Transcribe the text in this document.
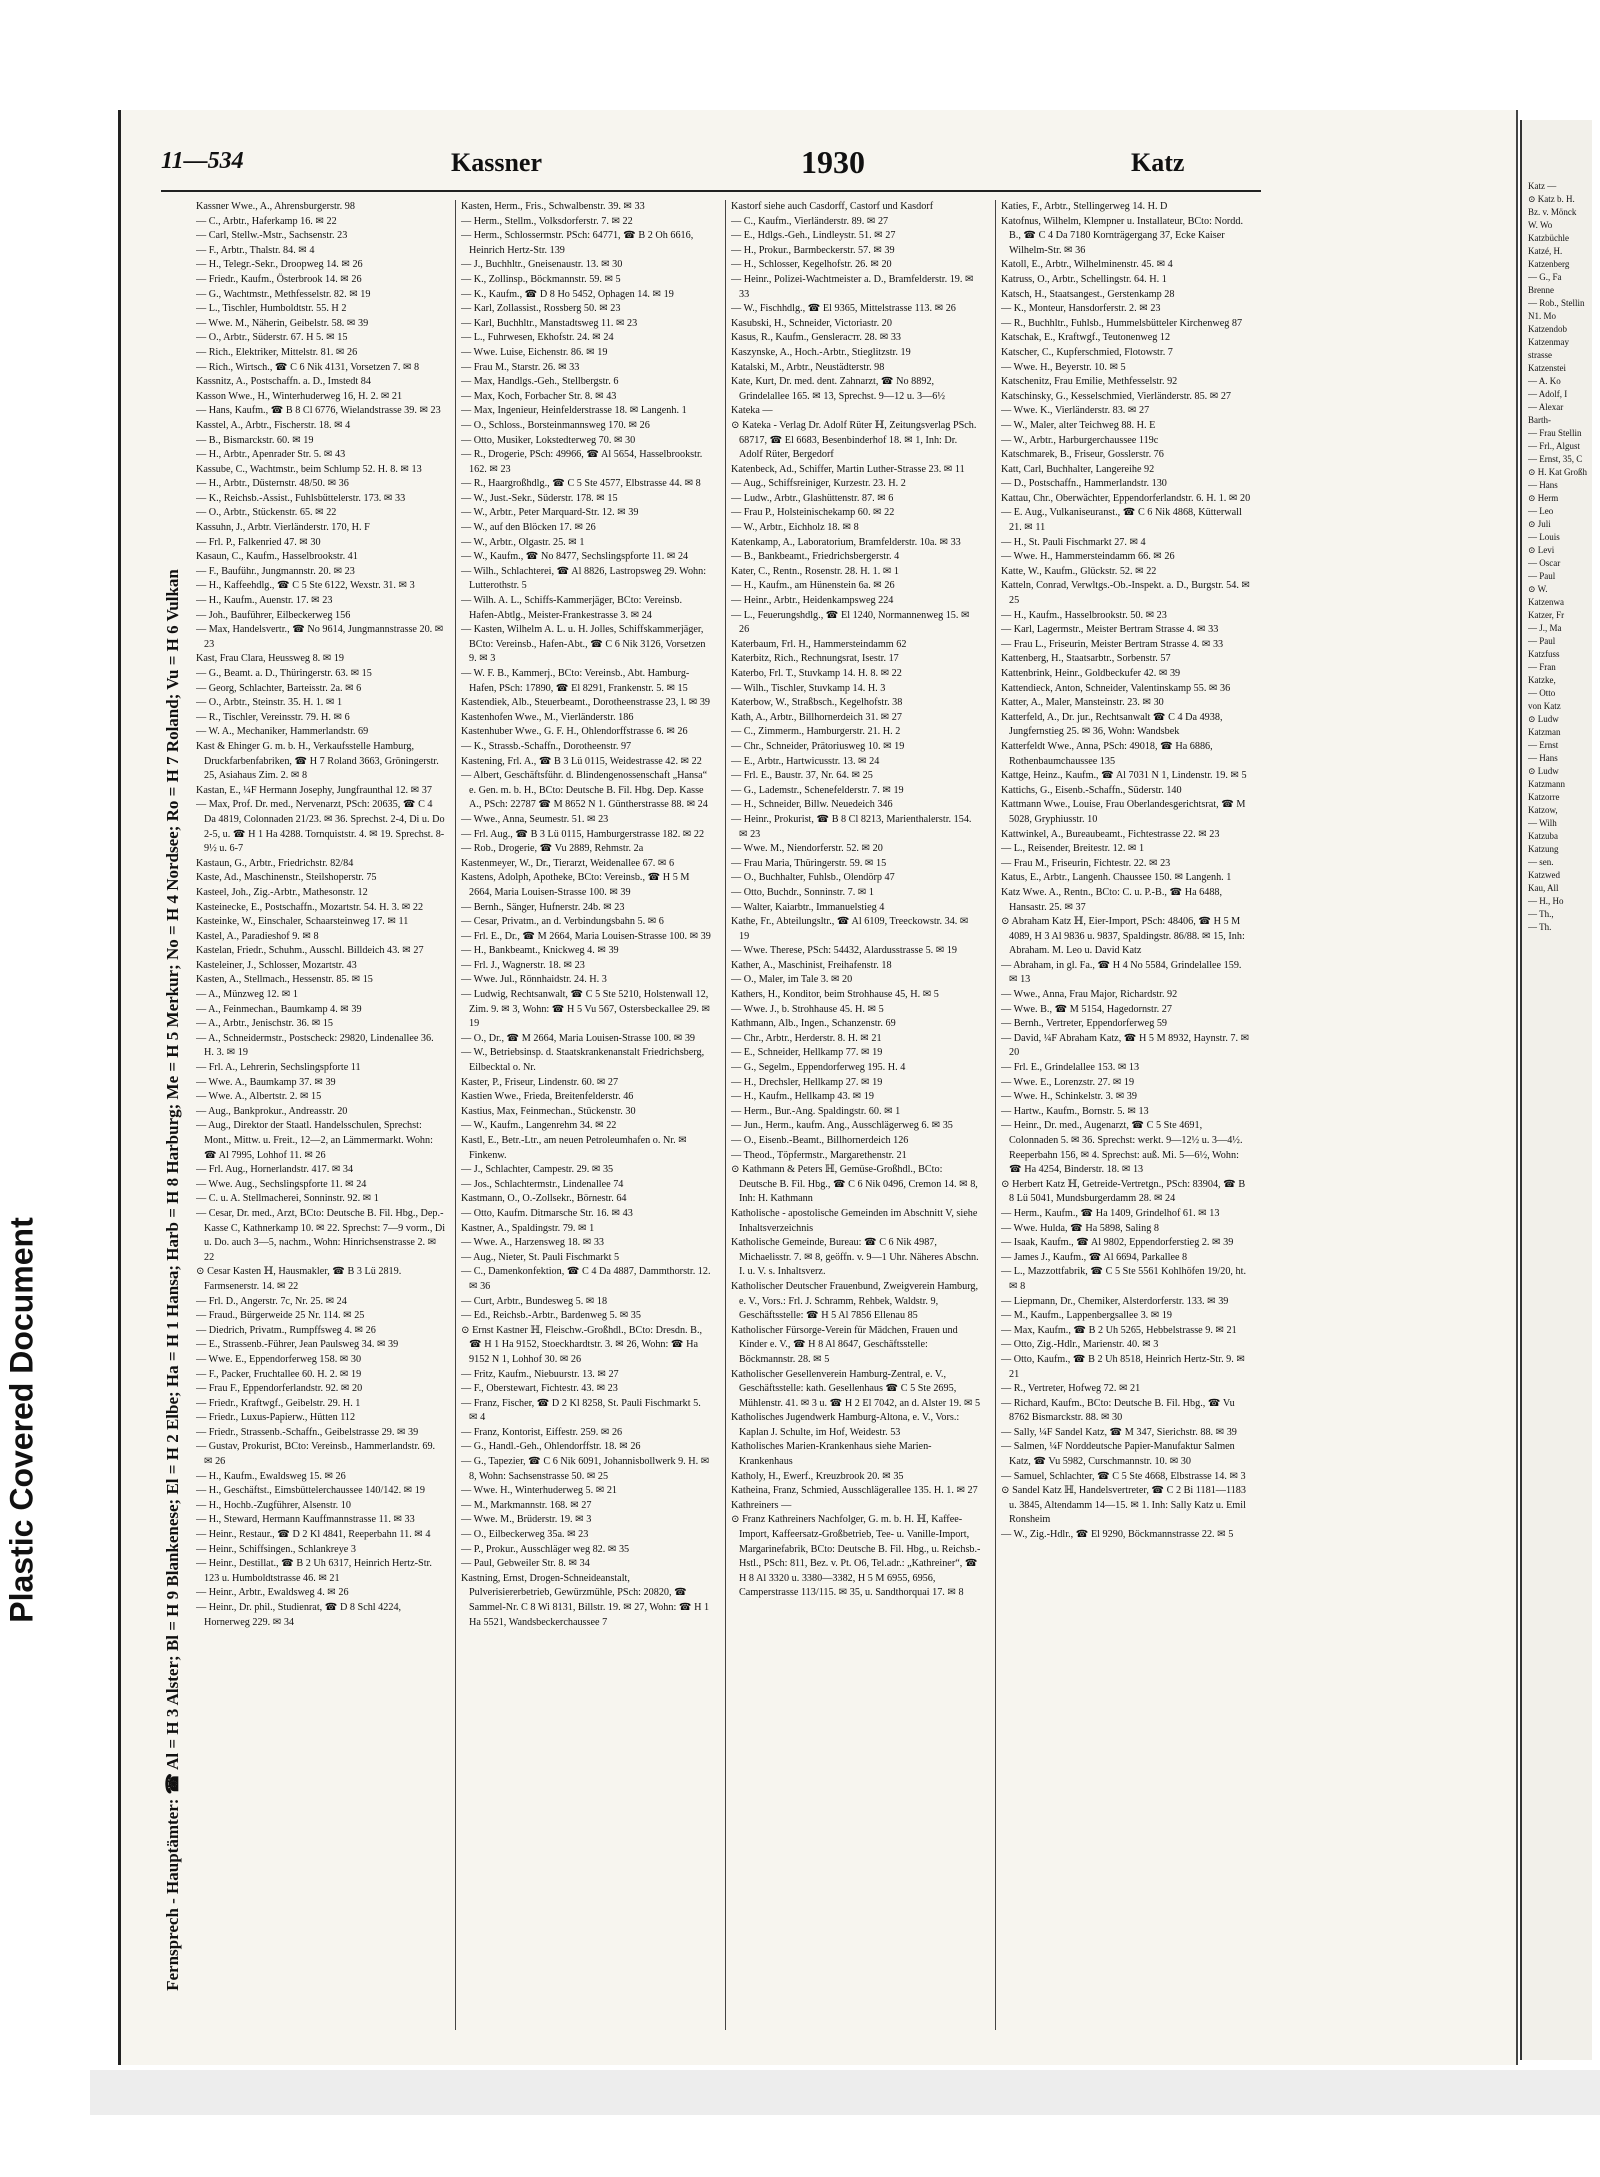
Plastic Covered Document
11—534	Kassner	1930	Katz
Fernsprech - Hauptämter: ☎ Al = H 3 Alster; Bl = H 9 Blankenese; El = H 2 Elbe; Ha = H 1 Hansa; Harb = H 8 Harburg; Me = H 5 Merkur; No = H 4 Nordsee; Ro = H 7 Roland; Vu = H 6 Vulkan
Kassner Wwe., A., Ahrensburgerstr. 98
— C., Arbtr., Haferkamp 16. ✉ 22
— Carl, Stellw.-Mstr., Sachsenstr. 23
— F., Arbtr., Thalstr. 84. ✉ 4
— H., Telegr.-Sekr., Droopweg 14. ✉ 26
— Friedr., Kaufm., Österbrook 14. ✉ 26
— G., Wachtmstr., Methfesselstr. 82. ✉ 19
— L., Tischler, Humboldtstr. 55. H 2
— Wwe. M., Näherin, Geibelstr. 58. ✉ 39
— O., Arbtr., Süderstr. 67. H 5. ✉ 15
— Rich., Elektriker, Mittelstr. 81. ✉ 26
— Rich., Wirtsch., ☎ C 6 Nik 4131, Vorsetzen 7. ✉ 8
Kassnitz, A., Postschaffn. a. D., Imstedt 84
Kasson Wwe., H., Winterhuderweg 16, H. 2. ✉ 21
— Hans, Kaufm., ☎ B 8 Cl 6776, Wielandstrasse 39. ✉ 23
Kasstel, A., Arbtr., Fischerstr. 18. ✉ 4
— B., Bismarckstr. 60. ✉ 19
— H., Arbtr., Apenrader Str. 5. ✉ 43
Kassube, C., Wachtmstr., beim Schlump 52. H. 8. ✉ 13
— H., Arbtr., Düsternstr. 48/50. ✉ 36
— K., Reichsb.-Assist., Fuhlsbüttelerstr. 173. ✉ 33
— O., Arbtr., Stückenstr. 65. ✉ 22
Kassuhn, J., Arbtr. Vierländerstr. 170, H. F
— Frl. P., Falkenried 47. ✉ 30
Kasaun, C., Kaufm., Hasselbrookstr. 41
— F., Bauführ., Jungmannstr. 20. ✉ 23
— H., Kaffeehdlg., ☎ C 5 Ste 6122, Wexstr. 31. ✉ 3
— H., Kaufm., Auenstr. 17. ✉ 23
— Joh., Bauführer, Eilbeckerweg 156
— Max, Handelsvertr., ☎ No 9614, Jungmannstrasse 20. ✉ 23
Kast, Frau Clara, Heussweg 8. ✉ 19
— G., Beamt. a. D., Thüringerstr. 63. ✉ 15
— Georg, Schlachter, Barteisstr. 2a. ✉ 6
— O., Arbtr., Steinstr. 35. H. 1. ✉ 1
— R., Tischler, Vereinsstr. 79. H. ✉ 6
— W. A., Mechaniker, Hammerlandstr. 69
Kast & Ehinger G. m. b. H., Verkaufsstelle Hamburg, Druckfarbenfabriken, ☎ H 7 Roland 3663, Gröningerstr. 25, Asiahaus Zim. 2. ✉ 8
Kastan, E., ¼F Hermann Josephy, Jungfraunthal 12. ✉ 37
— Max, Prof. Dr. med., Nervenarzt, PSch: 20635, ☎ C 4 Da 4819, Colonnaden 21/23. ✉ 36. Sprechst. 2-4, Di u. Do 2-5, u. ☎ H 1 Ha 4288. Tornquiststr. 4. ✉ 19. Sprechst. 8-9½ u. 6-7
Kastaun, G., Arbtr., Friedrichstr. 82/84
Kaste, Ad., Maschinenstr., Steilshoperstr. 75
Kasteel, Joh., Zig.-Arbtr., Mathesonstr. 12
Kasteinecke, E., Postschaffn., Mozartstr. 54. H. 3. ✉ 22
Kasteinke, W., Einschaler, Schaarsteinweg 17. ✉ 11
Kastel, A., Paradieshof 9. ✉ 8
Kastelan, Friedr., Schuhm., Ausschl. Billdeich 43. ✉ 27
Kasteleiner, J., Schlosser, Mozartstr. 43
Kasten, A., Stellmach., Hessenstr. 85. ✉ 15
— A., Münzweg 12. ✉ 1
— A., Feinmechan., Baumkamp 4. ✉ 39
— A., Arbtr., Jenischstr. 36. ✉ 15
— A., Schneidermstr., Postscheck: 29820, Lindenallee 36. H. 3. ✉ 19
— Frl. A., Lehrerin, Sechslingspforte 11
— Wwe. A., Baumkamp 37. ✉ 39
— Wwe. A., Albertstr. 2. ✉ 15
— Aug., Bankprokur., Andreasstr. 20
— Aug., Direktor der Staatl. Handelsschulen, Sprechst: Mont., Mittw. u. Freit., 12—2, an Lämmermarkt. Wohn: ☎ Al 7995, Lohhof 11. ✉ 26
— Frl. Aug., Hornerlandstr. 417. ✉ 34
— Wwe. Aug., Sechslingspforte 11. ✉ 24
— C. u. A. Stellmacherei, Sonninstr. 92. ✉ 1
— Cesar, Dr. med., Arzt, BCto: Deutsche B. Fil. Hbg., Dep.-Kasse C, Kathnerkamp 10. ✉ 22. Sprechst: 7—9 vorm., Di u. Do. auch 3—5, nachm., Wohn: Hinrichsenstrasse 2. ✉ 22
⊙ Cesar Kasten ℍ, Hausmakler, ☎ B 3 Lü 2819. Farmsenerstr. 14. ✉ 22
— Frl. D., Angerstr. 7c, Nr. 25. ✉ 24
— Fraud., Bürgerweide 25 Nr. 114. ✉ 25
— Diedrich, Privatm., Rumpffsweg 4. ✉ 26
— E., Strassenb.-Führer, Jean Paulsweg 34. ✉ 39
— Wwe. E., Eppendorferweg 158. ✉ 30
— F., Packer, Fruchtallee 60. H. 2. ✉ 19
— Frau F., Eppendorferlandstr. 92. ✉ 20
— Friedr., Kraftwgf., Geibelstr. 29. H. 1
— Friedr., Luxus-Papierw., Hütten 112
— Friedr., Strassenb.-Schaffn., Geibelstrasse 29. ✉ 39
— Gustav, Prokurist, BCto: Vereinsb., Hammerlandstr. 69. ✉ 26
— H., Kaufm., Ewaldsweg 15. ✉ 26
— H., Geschäftst., Eimsbüttelerchaussee 140/142. ✉ 19
— H., Hochb.-Zugführer, Alsenstr. 10
— H., Steward, Hermann Kauffmannstrasse 11. ✉ 33
— Heinr., Restaur., ☎ D 2 Kl 4841, Reeperbahn 11. ✉ 4
— Heinr., Schiffsingen., Schlankreye 3
— Heinr., Destillat., ☎ B 2 Uh 6317, Heinrich Hertz-Str. 123 u. Humboldtstrasse 46. ✉ 21
— Heinr., Arbtr., Ewaldsweg 4. ✉ 26
— Heinr., Dr. phil., Studienrat, ☎ D 8 Schl 4224, Hornerweg 229. ✉ 34
Kasten, Herm., Fris., Schwalbenstr. 39. ✉ 33
— Herm., Stellm., Volksdorferstr. 7. ✉ 22
— Herm., Schlossermstr. PSch: 64771, ☎ B 2 Oh 6616, Heinrich Hertz-Str. 139
— J., Buchhltr., Gneisenaustr. 13. ✉ 30
— K., Zollinsp., Böckmannstr. 59. ✉ 5
— K., Kaufm., ☎ D 8 Ho 5452, Ophagen 14. ✉ 19
— Karl, Zollassist., Rossberg 50. ✉ 23
— Karl, Buchhltr., Manstadtsweg 11. ✉ 23
— L., Fuhrwesen, Ekhofstr. 24. ✉ 24
— Wwe. Luise, Eichenstr. 86. ✉ 19
— Frau M., Starstr. 26. ✉ 33
— Max, Handlgs.-Geh., Stellbergstr. 6
— Max, Koch, Forbacher Str. 8. ✉ 43
— Max, Ingenieur, Heinfelderstrasse 18. ✉ Langenh. 1
— O., Schloss., Borsteinmannsweg 170. ✉ 26
— Otto, Musiker, Lokstedterweg 70. ✉ 30
— R., Drogerie, PSch: 49966, ☎ Al 5654, Hasselbrookstr. 162. ✉ 23
— R., Haargroßhdlg., ☎ C 5 Ste 4577, Elbstrasse 44. ✉ 8
— W., Just.-Sekr., Süderstr. 178. ✉ 15
— W., Arbtr., Peter Marquard-Str. 12. ✉ 39
— W., auf den Blöcken 17. ✉ 26
— W., Arbtr., Olgastr. 25. ✉ 1
— W., Kaufm., ☎ No 8477, Sechslingspforte 11. ✉ 24
— Wilh., Schlachterei, ☎ Al 8826, Lastropsweg 29. Wohn: Lutterothstr. 5
— Wilh. A. L., Schiffs-Kammerjäger, BCto: Vereinsb. Hafen-Abtlg., Meister-Frankestrasse 3. ✉ 24
— Kasten, Wilhelm A. L. u. H. Jolles, Schiffskammerjäger, BCto: Vereinsb., Hafen-Abt., ☎ C 6 Nik 3126, Vorsetzen 9. ✉ 3
— W. F. B., Kammerj., BCto: Vereinsb., Abt. Hamburg-Hafen, PSch: 17890, ☎ El 8291, Frankenstr. 5. ✉ 15
Kastendiek, Alb., Steuerbeamt., Dorotheenstrasse 23, l. ✉ 39
Kastenhofen Wwe., M., Vierländerstr. 186
Kastenhuber Wwe., G. F. H., Ohlendorffstrasse 6. ✉ 26
— K., Strassb.-Schaffn., Dorotheenstr. 97
Kastening, Frl. A., ☎ B 3 Lü 0115, Weidestrasse 42. ✉ 22
— Albert, Geschäftsführ. d. Blindengenossenschaft „Hansa“ e. Gen. m. b. H., BCto: Deutsche B. Fil. Hbg. Dep. Kasse A., PSch: 22787 ☎ M 8652 N 1. Güntherstrasse 88. ✉ 24
— Wwe., Anna, Seumestr. 51. ✉ 23
— Frl. Aug., ☎ B 3 Lü 0115, Hamburgerstrasse 182. ✉ 22
— Rob., Drogerie, ☎ Vu 2889, Rehmstr. 2a
Kastenmeyer, W., Dr., Tierarzt, Weidenallee 67. ✉ 6
Kastens, Adolph, Apotheke, BCto: Vereinsb., ☎ H 5 M 2664, Maria Louisen-Strasse 100. ✉ 39
— Bernh., Sänger, Hufnerstr. 24b. ✉ 23
— Cesar, Privatm., an d. Verbindungsbahn 5. ✉ 6
— Frl. E., Dr., ☎ M 2664, Maria Louisen-Strasse 100. ✉ 39
— H., Bankbeamt., Knickweg 4. ✉ 39
— Frl. J., Wagnerstr. 18. ✉ 23
— Wwe. Jul., Rönnhaidstr. 24. H. 3
— Ludwig, Rechtsanwalt, ☎ C 5 Ste 5210, Holstenwall 12, Zim. 9. ✉ 3, Wohn: ☎ H 5 Vu 567, Ostersbeckallee 29. ✉ 19
— O., Dr., ☎ M 2664, Maria Louisen-Strasse 100. ✉ 39
— W., Betriebsinsp. d. Staatskrankenanstalt Friedrichsberg, Eilbecktal o. Nr.
Kaster, P., Friseur, Lindenstr. 60. ✉ 27
Kastien Wwe., Frieda, Breitenfelderstr. 46
Kastius, Max, Feinmechan., Stückenstr. 30
— W., Kaufm., Langenrehm 34. ✉ 22
Kastl, E., Betr.-Ltr., am neuen Petroleumhafen o. Nr. ✉ Finkenw.
— J., Schlachter, Campestr. 29. ✉ 35
— Jos., Schlachtermstr., Lindenallee 74
Kastmann, O., O.-Zollsekr., Börnestr. 64
— Otto, Kaufm. Ditmarsche Str. 16. ✉ 43
Kastner, A., Spaldingstr. 79. ✉ 1
— Wwe. A., Harzensweg 18. ✉ 33
— Aug., Nieter, St. Pauli Fischmarkt 5
— C., Damenkonfektion, ☎ C 4 Da 4887, Dammthorstr. 12. ✉ 36
— Curt, Arbtr., Bundesweg 5. ✉ 18
— Ed., Reichsb.-Arbtr., Bardenweg 5. ✉ 35
⊙ Ernst Kastner ℍ, Fleischw.-Großhdl., BCto: Dresdn. B., ☎ H 1 Ha 9152, Stoeckhardtstr. 3. ✉ 26, Wohn: ☎ Ha 9152 N 1, Lohhof 30. ✉ 26
— Fritz, Kaufm., Niebuurstr. 13. ✉ 27
— F., Oberstewart, Fichtestr. 43. ✉ 23
— Franz, Fischer, ☎ D 2 Kl 8258, St. Pauli Fischmarkt 5. ✉ 4
— Franz, Kontorist, Eiffestr. 259. ✉ 26
— G., Handl.-Geh., Ohlendorffstr. 18. ✉ 26
— G., Tapezier, ☎ C 6 Nik 6091, Johannisbollwerk 9. H. ✉ 8, Wohn: Sachsenstrasse 50. ✉ 25
— Wwe. H., Winterhuderweg 5. ✉ 21
— M., Markmannstr. 168. ✉ 27
— Wwe. M., Brüderstr. 19. ✉ 3
— O., Eilbeckerweg 35a. ✉ 23
— P., Prokur., Ausschläger weg 82. ✉ 35
— Paul, Gebweiler Str. 8. ✉ 34
Kastning, Ernst, Drogen-Schneideanstalt, Pulverisiererbetrieb, Gewürzmühle, PSch: 20820, ☎ Sammel-Nr. C 8 Wi 8131, Billstr. 19. ✉ 27, Wohn: ☎ H 1 Ha 5521, Wandsbeckerchaussee 7
Kastorf siehe auch Casdorff, Castorf und Kasdorf
— C., Kaufm., Vierländerstr. 89. ✉ 27
— E., Hdlgs.-Geh., Lindleystr. 51. ✉ 27
— H., Prokur., Barmbeckerstr. 57. ✉ 39
— H., Schlosser, Kegelhofstr. 26. ✉ 20
— Heinr., Polizei-Wachtmeister a. D., Bramfelderstr. 19. ✉ 33
— W., Fischhdlg., ☎ El 9365, Mittelstrasse 113. ✉ 26
Kasubski, H., Schneider, Victoriastr. 20
Kasus, R., Kaufm., Gensleraстr. 28. ✉ 33
Kaszynske, A., Hoch.-Arbtr., Stieglitzstr. 19
Katalski, M., Arbtr., Neustädterstr. 98
Kate, Kurt, Dr. med. dent. Zahnarzt, ☎ No 8892, Grindelallee 165. ✉ 13, Sprechst. 9—12 u. 3—6½
Kateka —
⊙ Kateka - Verlag Dr. Adolf Rüter ℍ, Zeitungsverlag PSch. 68717, ☎ El 6683, Besenbinderhof 18. ✉ 1, Inh: Dr. Adolf Rüter, Bergedorf
Katenbeck, Ad., Schiffer, Martin Luther-Strasse 23. ✉ 11
— Aug., Schiffsreiniger, Kurzestr. 23. H. 2
— Ludw., Arbtr., Glashüttenstr. 87. ✉ 6
— Frau P., Holsteinischekamp 60. ✉ 22
— W., Arbtr., Eichholz 18. ✉ 8
Katenkamp, A., Laboratorium, Bramfelderstr. 10a. ✉ 33
— B., Bankbeamt., Friedrichsbergerstr. 4
Kater, C., Rentn., Rosenstr. 28. H. 1. ✉ 1
— H., Kaufm., am Hünenstein 6a. ✉ 26
— Heinr., Arbtr., Heidenkampsweg 224
— L., Feuerungshdlg., ☎ El 1240, Normannenweg 15. ✉ 26
Katerbaum, Frl. H., Hammersteindamm 62
Katerbitz, Rich., Rechnungsrat, Isestr. 17
Katerbo, Frl. T., Stuvkamp 14. H. 8. ✉ 22
— Wilh., Tischler, Stuvkamp 14. H. 3
Katerbow, W., Straßbsch., Kegelhofstr. 38
Kath, A., Arbtr., Billhornerdeich 31. ✉ 27
— C., Zimmerm., Hamburgerstr. 21. H. 2
— Chr., Schneider, Prätoriusweg 10. ✉ 19
— E., Arbtr., Hartwicusstr. 13. ✉ 24
— Frl. E., Baustr. 37, Nr. 64. ✉ 25
— G., Lademstr., Schenefelderstr. 7. ✉ 19
— H., Schneider, Billw. Neuedeich 346
— Heinr., Prokurist, ☎ B 8 Cl 8213, Marienthalerstr. 154. ✉ 23
— Wwe. M., Niendorferstr. 52. ✉ 20
— Frau Maria, Thüringerstr. 59. ✉ 15
— O., Buchhalter, Fuhlsb., Olendörp 47
— Otto, Buchdr., Sonninstr. 7. ✉ 1
— Walter, Kaiarbtr., Immanuelstieg 4
Kathe, Fr., Abteilungsltr., ☎ Al 6109, Treeckowstr. 34. ✉ 19
— Wwe. Therese, PSch: 54432, Alardusstrasse 5. ✉ 19
Kather, A., Maschinist, Freihafenstr. 18
— O., Maler, im Tale 3. ✉ 20
Kathers, H., Konditor, beim Strohhause 45, H. ✉ 5
— Wwe. J., b. Strohhause 45. H. ✉ 5
Kathmann, Alb., Ingen., Schanzenstr. 69
— Chr., Arbtr., Herderstr. 8. H. ✉ 21
— E., Schneider, Hellkamp 77. ✉ 19
— G., Segelm., Eppendorferweg 195. H. 4
— H., Drechsler, Hellkamp 27. ✉ 19
— H., Kaufm., Hellkamp 43. ✉ 19
— Herm., Bur.-Ang. Spaldingstr. 60. ✉ 1
— Jun., Herm., kaufm. Ang., Ausschlägerweg 6. ✉ 35
— O., Eisenb.-Beamt., Billhornerdeich 126
— Theod., Töpfermstr., Margarethenstr. 21
⊙ Kathmann & Peters ℍ, Gemüse-Großhdl., BCto: Deutsche B. Fil. Hbg., ☎ C 6 Nik 0496, Cremon 14. ✉ 8, Inh: H. Kathmann
Katholische - apostolische Gemeinden im Abschnitt V, siehe Inhaltsverzeichnis
Katholische Gemeinde, Bureau: ☎ C 6 Nik 4987, Michaelisstr. 7. ✉ 8, geöffn. v. 9—1 Uhr. Näheres Abschn. I. u. V. s. Inhaltsverz.
Katholischer Deutscher Frauenbund, Zweigverein Hamburg, e. V., Vors.: Frl. J. Schramm, Rehbek, Waldstr. 9, Geschäftsstelle: ☎ H 5 Al 7856 Ellenau 85
Katholischer Fürsorge-Verein für Mädchen, Frauen und Kinder e. V., ☎ H 8 Al 8647, Geschäftsstelle: Böckmannstr. 28. ✉ 5
Katholischer Gesellenverein Hamburg-Zentral, e. V., Geschäftsstelle: kath. Gesellenhaus ☎ C 5 Ste 2695, Mühlenstr. 41. ✉ 3 u. ☎ H 2 El 7042, an d. Alster 19. ✉ 5
Katholisches Jugendwerk Hamburg-Altona, e. V., Vors.: Kaplan J. Schulte, im Hof, Weidestr. 53
Katholisches Marien-Krankenhaus siehe Marien-Krankenhaus
Katholy, H., Ewerf., Kreuzbrook 20. ✉ 35
Katheina, Franz, Schmied, Ausschlägerallee 135. H. 1. ✉ 27
Kathreiners —
⊙ Franz Kathreiners Nachfolger, G. m. b. H. ℍ, Kaffee-Import, Kaffeersatz-Großbetrieb, Tee- u. Vanille-Import, Margarinefabrik, BCto: Deutsche B. Fil. Hbg., u. Reichsb.-Hstl., PSch: 811, Bez. v. Pt. O6, Tel.adr.: „Kathreiner“, ☎ H 8 Al 3320 u. 3380—3382, H 5 M 6955, 6956, Camperstrasse 113/115. ✉ 35, u. Sandthorquai 17. ✉ 8
Katies, F., Arbtr., Stellingerweg 14. H. D
Katofnus, Wilhelm, Klempner u. Installateur, BCto: Nordd. B., ☎ C 4 Da 7180 Kornträgergang 37, Ecke Kaiser Wilhelm-Str. ✉ 36
Katoll, E., Arbtr., Wilhelminenstr. 45. ✉ 4
Katruss, O., Arbtr., Schellingstr. 64. H. 1
Katsch, H., Staatsangest., Gerstenkamp 28
— K., Monteur, Hansdorferstr. 2. ✉ 23
— R., Buchhltr., Fuhlsb., Hummelsbütteler Kirchenweg 87
Katschak, E., Kraftwgf., Teutonenweg 12
Katscher, C., Kupferschmied, Flotowstr. 7
— Wwe. H., Beyerstr. 10. ✉ 5
Katschenitz, Frau Emilie, Methfesselstr. 92
Katschinsky, G., Kesselschmied, Vierländerstr. 85. ✉ 27
— Wwe. K., Vierländerstr. 83. ✉ 27
— W., Maler, alter Teichweg 88. H. E
— W., Arbtr., Harburgerchaussee 119c
Katschmarek, B., Friseur, Gosslerstr. 76
Katt, Carl, Buchhalter, Langereihe 92
— D., Postschaffn., Hammerlandstr. 130
Kattau, Chr., Oberwächter, Eppendorferlandstr. 6. H. 1. ✉ 20
— E. Aug., Vulkaniseuranst., ☎ C 6 Nik 4868, Kütterwall 21. ✉ 11
— H., St. Pauli Fischmarkt 27. ✉ 4
— Wwe. H., Hammersteindamm 66. ✉ 26
Katte, W., Kaufm., Glückstr. 52. ✉ 22
Katteln, Conrad, Verwltgs.-Ob.-Inspekt. a. D., Burgstr. 54. ✉ 25
— H., Kaufm., Hasselbrookstr. 50. ✉ 23
— Karl, Lagermstr., Meister Bertram Strasse 4. ✉ 33
— Frau L., Friseurin, Meister Bertram Strasse 4. ✉ 33
Kattenberg, H., Staatsarbtr., Sorbenstr. 57
Kattenbrink, Heinr., Goldbeckufer 42. ✉ 39
Kattendieck, Anton, Schneider, Valentinskamp 55. ✉ 36
Katter, A., Maler, Mansteinstr. 23. ✉ 30
Katterfeld, A., Dr. jur., Rechtsanwalt ☎ C 4 Da 4938, Jungfernstieg 25. ✉ 36, Wohn: Wandsbek
Katterfeldt Wwe., Anna, PSch: 49018, ☎ Ha 6886, Rothenbaumchaussee 135
Kattge, Heinz., Kaufm., ☎ Al 7031 N 1, Lindenstr. 19. ✉ 5
Kattichs, G., Eisenb.-Schaffn., Süderstr. 140
Kattmann Wwe., Louise, Frau Oberlandesgerichtsrat, ☎ M 5028, Gryphiusstr. 10
Kattwinkel, A., Bureaubeamt., Fichtestrasse 22. ✉ 23
— L., Reisender, Breitestr. 12. ✉ 1
— Frau M., Friseurin, Fichtestr. 22. ✉ 23
Katus, E., Arbtr., Langenh. Chaussee 150. ✉ Langenh. 1
Katz Wwe. A., Rentn., BCto: C. u. P.-B., ☎ Ha 6488, Hansastr. 25. ✉ 37
⊙ Abraham Katz ℍ, Eier-Import, PSch: 48406, ☎ H 5 M 4089, H 3 Al 9836 u. 9837, Spaldingstr. 86/88. ✉ 15, Inh: Abraham. M. Leo u. David Katz
— Abraham, in gl. Fa., ☎ H 4 No 5584, Grindelallee 159. ✉ 13
— Wwe., Anna, Frau Major, Richardstr. 92
— Wwe. B., ☎ M 5154, Hagedornstr. 27
— Bernh., Vertreter, Eppendorferweg 59
— David, ¼F Abraham Katz, ☎ H 5 M 8932, Haynstr. 7. ✉ 20
— Frl. E., Grindelallee 153. ✉ 13
— Wwe. E., Lorenzstr. 27. ✉ 19
— Wwe. H., Schinkelstr. 3. ✉ 39
— Hartw., Kaufm., Bornstr. 5. ✉ 13
— Heinr., Dr. med., Augenarzt, ☎ C 5 Ste 4691, Colonnaden 5. ✉ 36. Sprechst: werkt. 9—12½ u. 3—4½. Reeperbahn 156, ✉ 4. Sprechst: auß. Mi. 5—6½, Wohn: ☎ Ha 4254, Binderstr. 18. ✉ 13
⊙ Herbert Katz ℍ, Getreide-Vertretgn., PSch: 83904, ☎ B 8 Lü 5041, Mundsburgerdamm 28. ✉ 24
— Herm., Kaufm., ☎ Ha 1409, Grindelhof 61. ✉ 13
— Wwe. Hulda, ☎ Ha 5898, Saling 8
— Isaak, Kaufm., ☎ Al 9802, Eppendorferstieg 2. ✉ 39
— James J., Kaufm., ☎ Al 6694, Parkallee 8
— L., Mazzottfabrik, ☎ C 5 Ste 5561 Kohlhöfen 19/20, ht. ✉ 8
— Liepmann, Dr., Chemiker, Alsterdorferstr. 133. ✉ 39
— M., Kaufm., Lappenbergsallee 3. ✉ 19
— Max, Kaufm., ☎ B 2 Uh 5265, Hebbelstrasse 9. ✉ 21
— Otto, Zig.-Hdlr., Marienstr. 40. ✉ 3
— Otto, Kaufm., ☎ B 2 Uh 8518, Heinrich Hertz-Str. 9. ✉ 21
— R., Vertreter, Hofweg 72. ✉ 21
— Richard, Kaufm., BCto: Deutsche B. Fil. Hbg., ☎ Vu 8762 Bismarckstr. 88. ✉ 30
— Sally, ¼F Sandel Katz, ☎ M 347, Sierichstr. 88. ✉ 39
— Salmen, ¼F Norddeutsche Papier-Manufaktur Salmen Katz, ☎ Vu 5982, Curschmannstr. 10. ✉ 30
— Samuel, Schlachter, ☎ C 5 Ste 4668, Elbstrasse 14. ✉ 3
⊙ Sandel Katz ℍ, Handelsvertreter, ☎ C 2 Bi 1181—1183 u. 3845, Altendamm 14—15. ✉ 1. Inh: Sally Katz u. Emil Ronsheim
— W., Zig.-Hdlr., ☎ El 9290, Böckmannstrasse 22. ✉ 5
Katz —
⊙ Katz b. H.
Bz. v. Mönck W. Wo
Katzbüchle
Katzé, H.
Katzenberg
— G., Fa Brenne
— Rob., Stellin N1. Mo
Katzendob
Katzenmay strasse
Katzenstei
— A. Ko
— Adolf, I
— Alexar Barth-
— Frau Stellin
— Frl., Algust
— Ernst, 35, C
⊙ H. Kat Großh
— Hans
⊙ Herm
— Leo
⊙ Juli
— Louis
⊙ Levi
— Oscar
— Paul
⊙ W.
Katzenwa
Katzer, Fr
— J., Ma
— Paul
Katzfuss
— Fran
Katzke,
— Otto
von Katz
⊙ Ludw
Katzman
— Ernst
— Hans
⊙ Ludw
Katzmann
Katzorre
Katzow,
— Wilh
Katzuba
Katzung
— sen.
Katzwed
Kau, All
— H., Ho
— Th.,
— Th.
